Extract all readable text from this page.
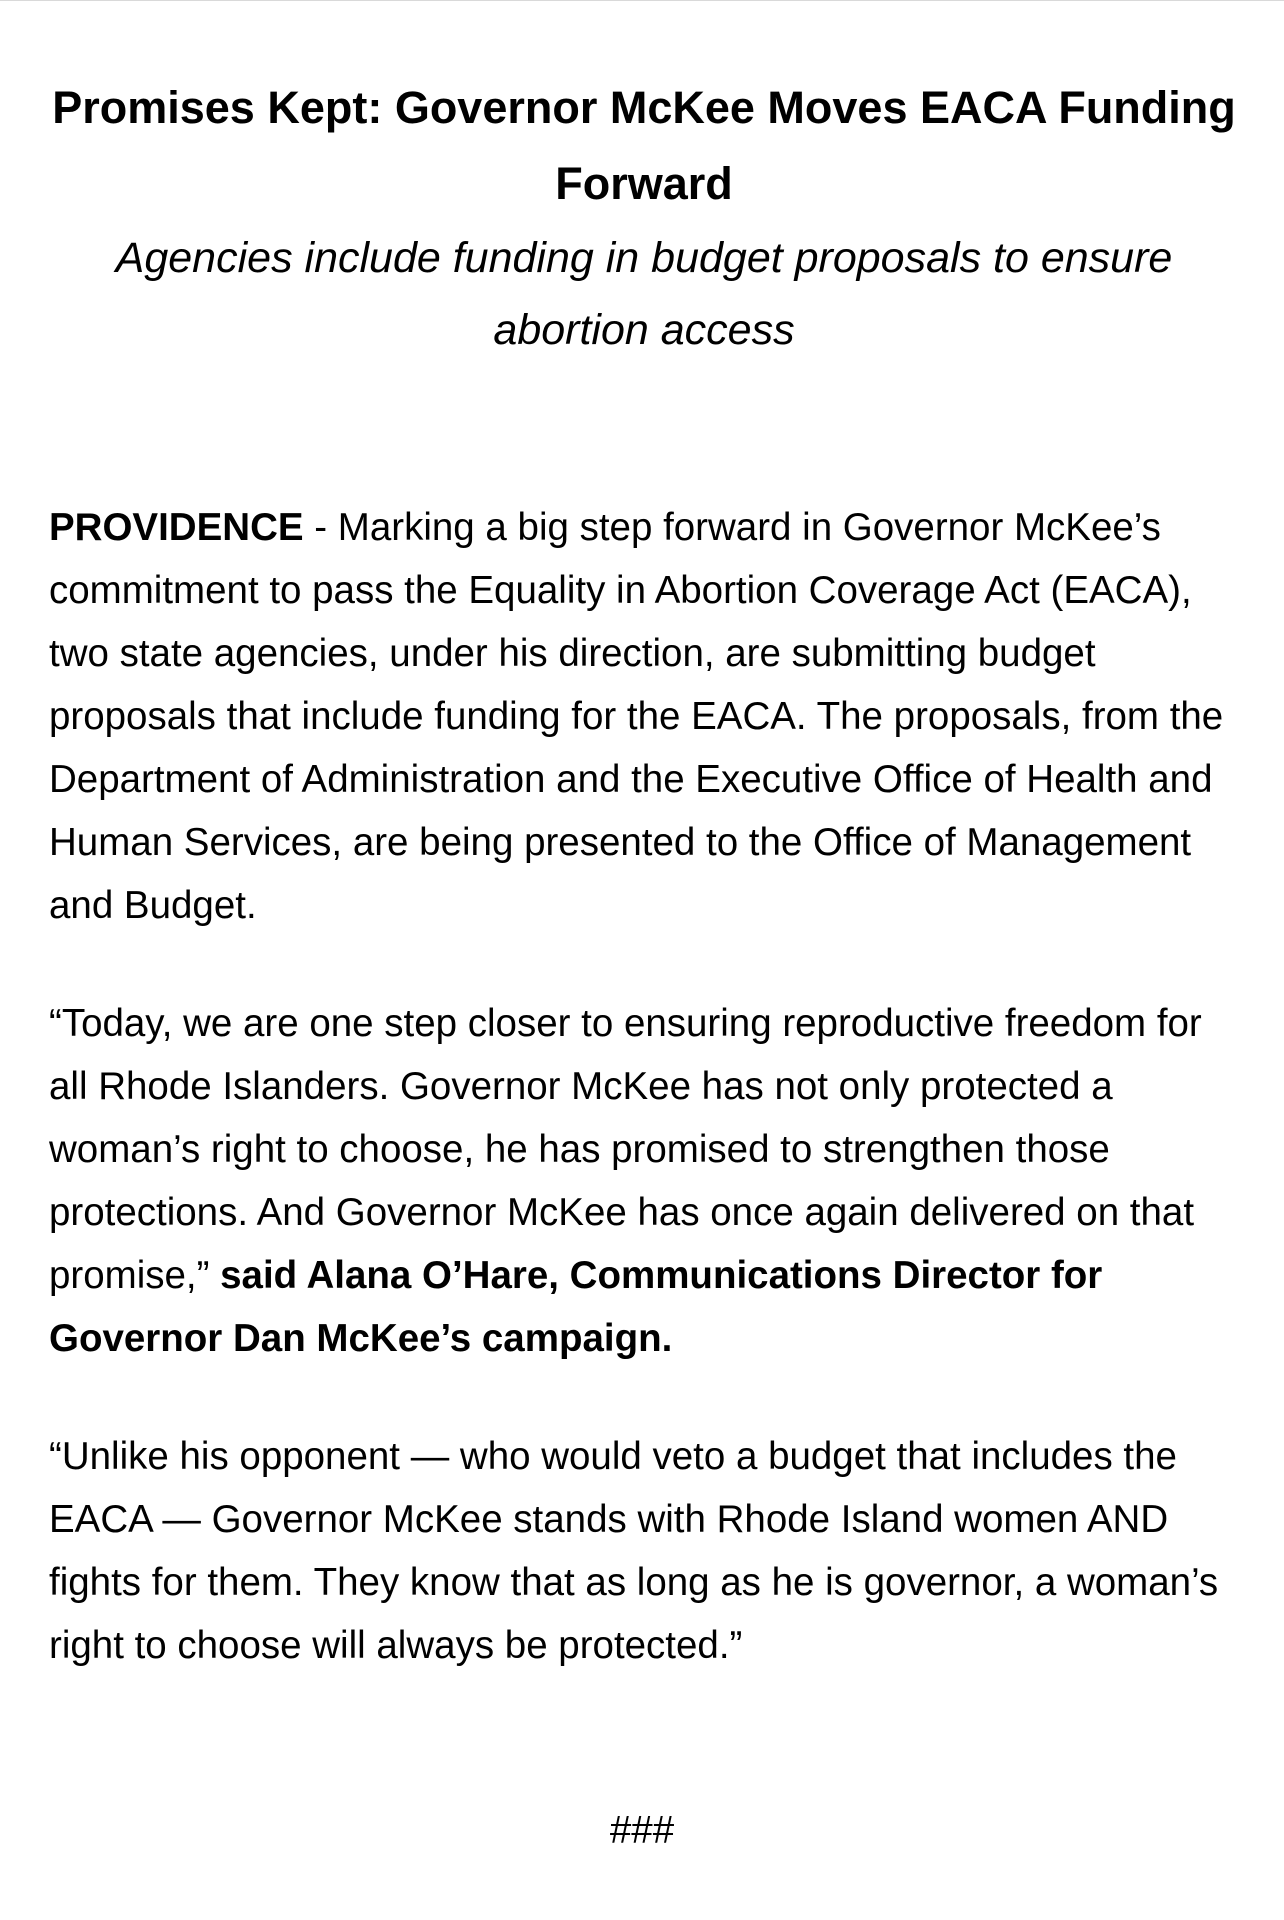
Promises Kept: Governor McKee Moves EACA Funding Forward

Agencies include funding in budget proposals to ensure abortion access

PROVIDENCE - Marking a big step forward in Governor McKee’s commitment to pass the Equality in Abortion Coverage Act (EACA), two state agencies, under his direction, are submitting budget proposals that include funding for the EACA. The proposals, from the Department of Administration and the Executive Office of Health and Human Services, are being presented to the Office of Management and Budget.

“Today, we are one step closer to ensuring reproductive freedom for all Rhode Islanders. Governor McKee has not only protected a woman’s right to choose, he has promised to strengthen those protections. And Governor McKee has once again delivered on that promise,” said Alana O’Hare, Communications Director for Governor Dan McKee’s campaign.

“Unlike his opponent — who would veto a budget that includes the EACA — Governor McKee stands with Rhode Island women AND fights for them. They know that as long as he is governor, a woman’s right to choose will always be protected.”

###
